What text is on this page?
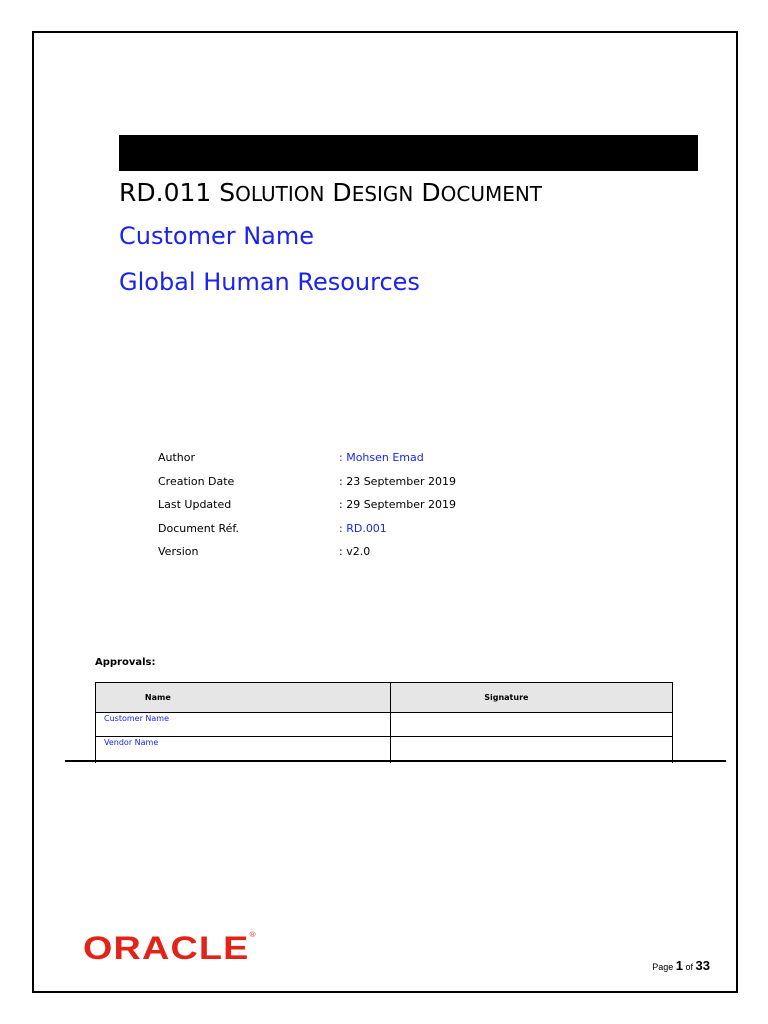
RD.011 SOLUTION DESIGN DOCUMENT
Customer Name
Global Human Resources
Author	: Mohsen Emad
Creation Date	: 23 September 2019
Last Updated	: 29 September 2019
Document Réf.	: RD.001
Version	: v2.0
Approvals:
Name	Signature
Customer Name	
Vendor Name	
ORACLE®
Page 1 of 33
